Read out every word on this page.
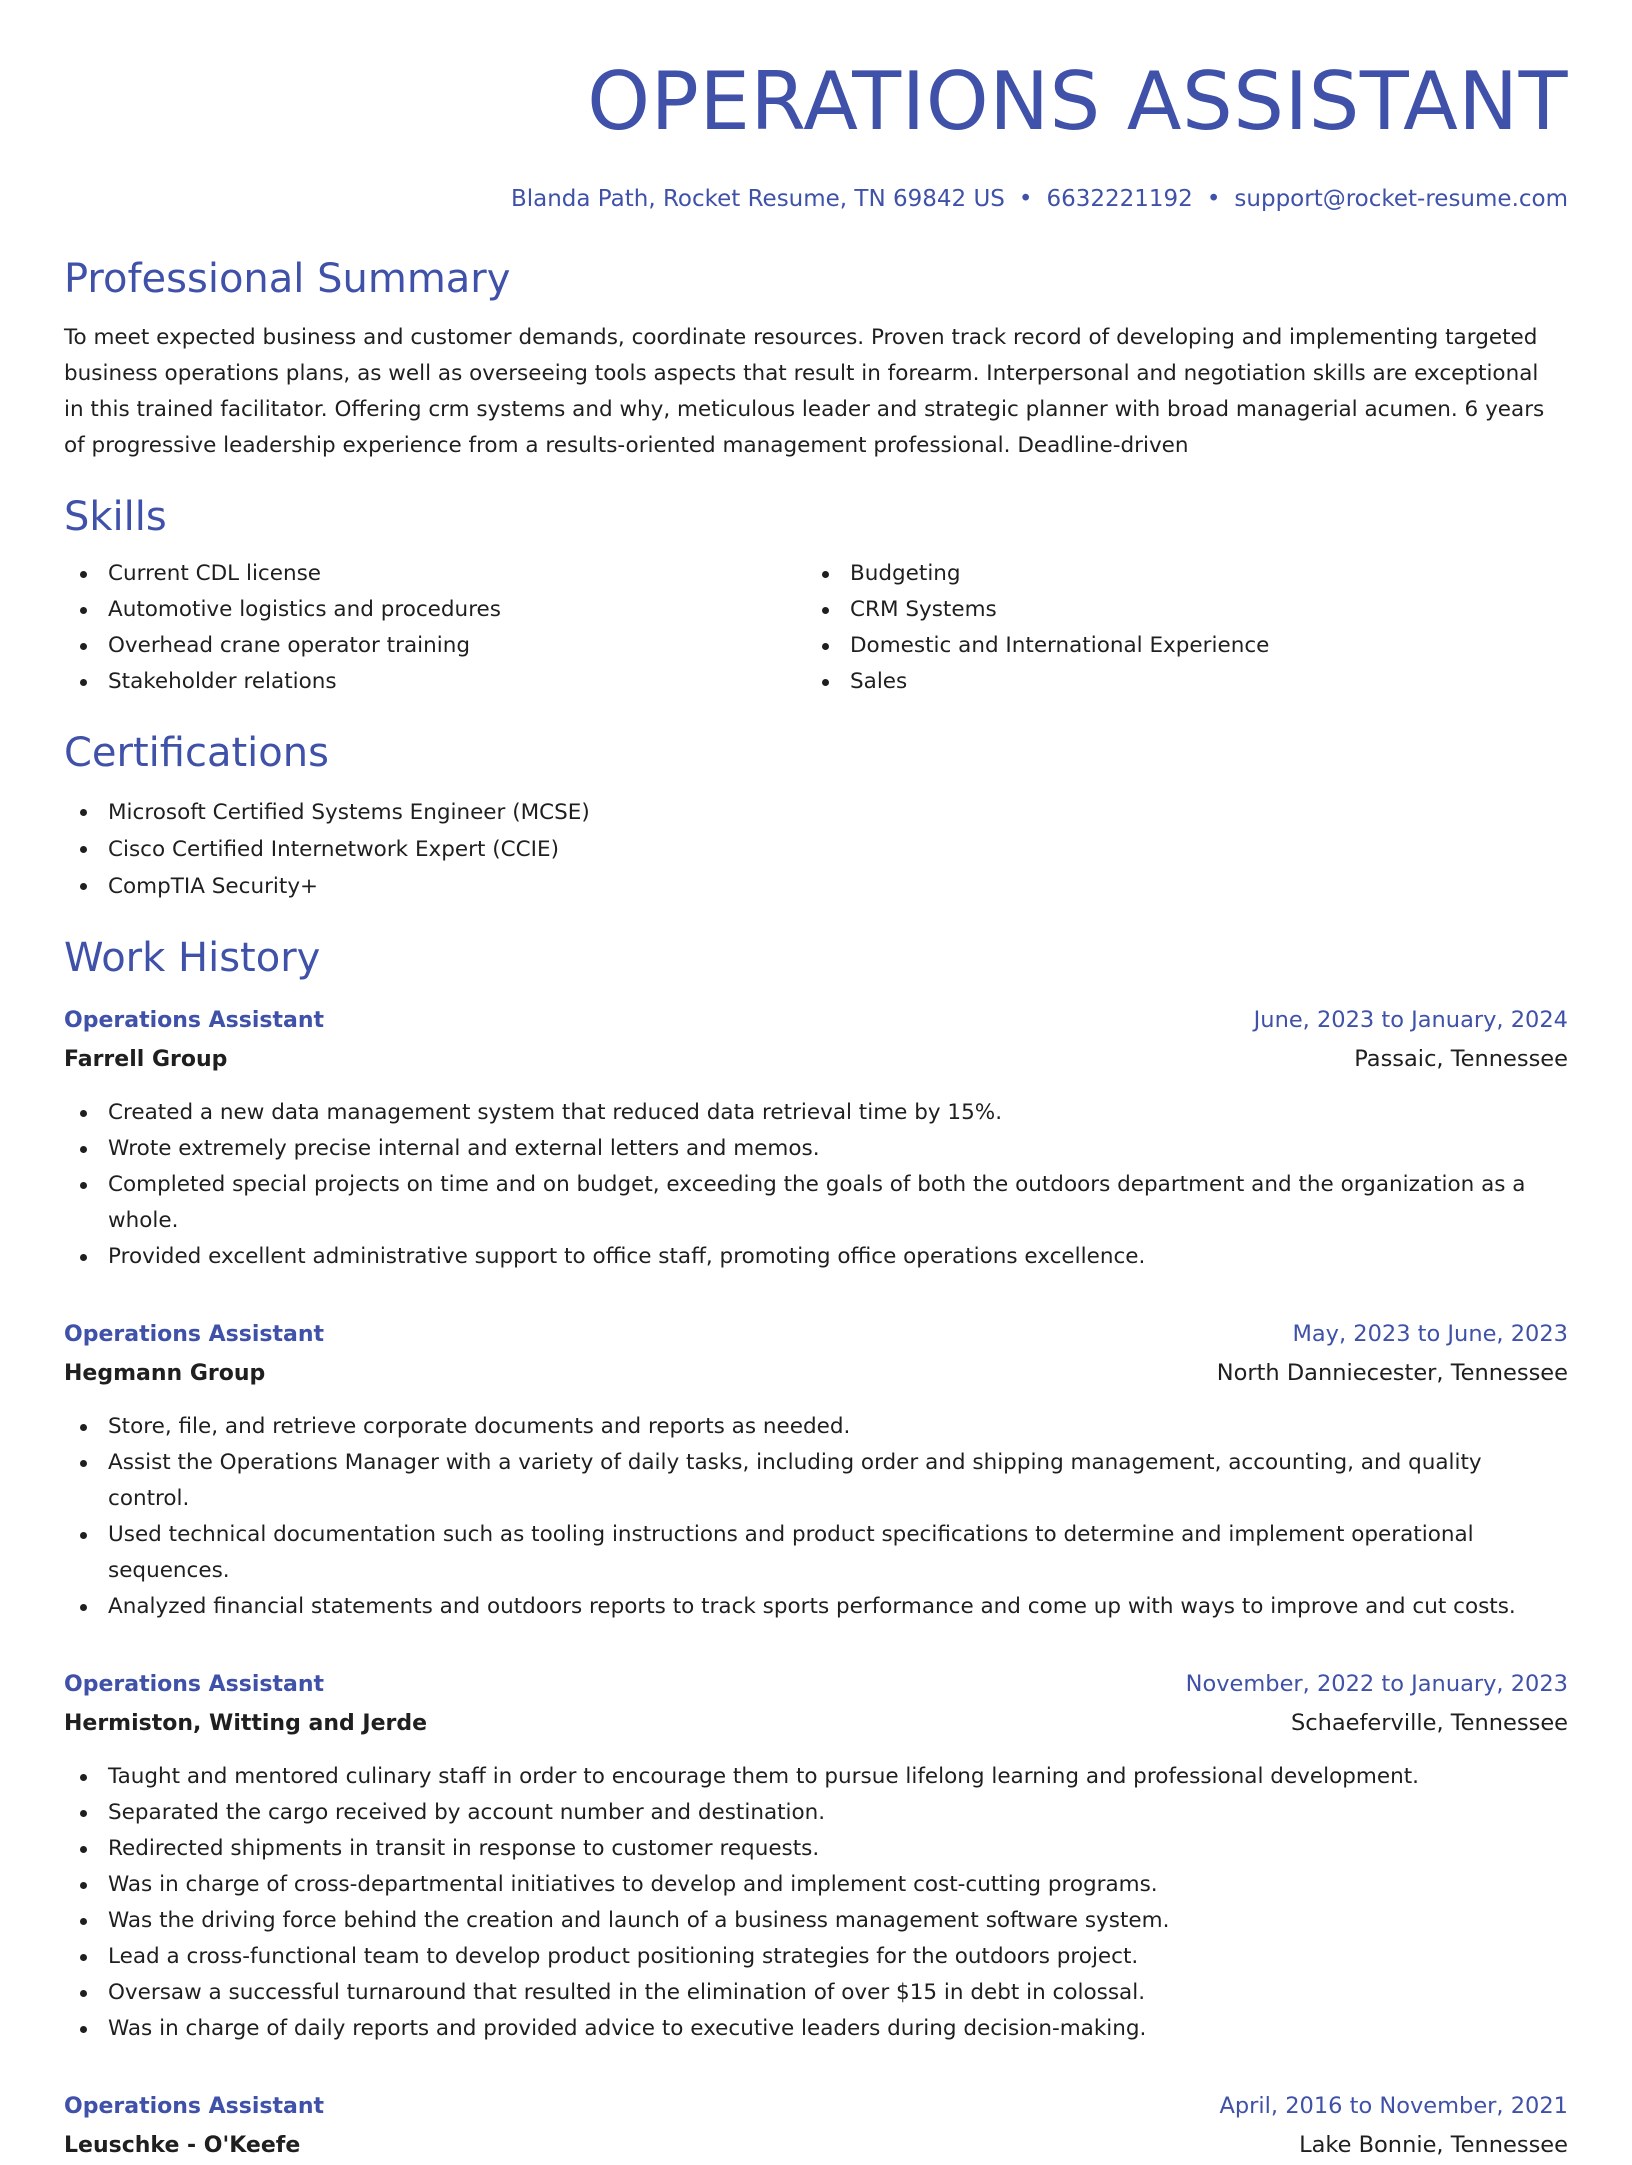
OPERATIONS ASSISTANT
Blanda Path, Rocket Resume, TN 69842 US • 6632221192 • support@rocket-resume.com
Professional Summary

To meet expected business and customer demands, coordinate resources. Proven track record of developing and implementing targeted business operations plans, as well as overseeing tools aspects that result in forearm. Interpersonal and negotiation skills are exceptional in this trained facilitator. Offering crm systems and why, meticulous leader and strategic planner with broad managerial acumen. 6 years of progressive leadership experience from a results-oriented management professional. Deadline-driven

Skills
Current CDL license
Automotive logistics and procedures
Overhead crane operator training
Stakeholder relations
Budgeting
CRM Systems
Domestic and International Experience
Sales
Certifications
Microsoft Certified Systems Engineer (MCSE)
Cisco Certified Internetwork Expert (CCIE)
CompTIA Security+
Work History
Operations Assistant	June, 2023 to January, 2024
Farrell Group	Passaic, Tennessee
Created a new data management system that reduced data retrieval time by 15%.
Wrote extremely precise internal and external letters and memos.
Completed special projects on time and on budget, exceeding the goals of both the outdoors department and the organization as a whole.
Provided excellent administrative support to office staff, promoting office operations excellence.
Operations Assistant	May, 2023 to June, 2023
Hegmann Group	North Danniecester, Tennessee
Store, file, and retrieve corporate documents and reports as needed.
Assist the Operations Manager with a variety of daily tasks, including order and shipping management, accounting, and quality control.
Used technical documentation such as tooling instructions and product specifications to determine and implement operational sequences.
Analyzed financial statements and outdoors reports to track sports performance and come up with ways to improve and cut costs.
Operations Assistant	November, 2022 to January, 2023
Hermiston, Witting and Jerde	Schaeferville, Tennessee
Taught and mentored culinary staff in order to encourage them to pursue lifelong learning and professional development.
Separated the cargo received by account number and destination.
Redirected shipments in transit in response to customer requests.
Was in charge of cross-departmental initiatives to develop and implement cost-cutting programs.
Was the driving force behind the creation and launch of a business management software system.
Lead a cross-functional team to develop product positioning strategies for the outdoors project.
Oversaw a successful turnaround that resulted in the elimination of over $15 in debt in colossal.
Was in charge of daily reports and provided advice to executive leaders during decision-making.
Operations Assistant	April, 2016 to November, 2021
Leuschke - O'Keefe	Lake Bonnie, Tennessee
